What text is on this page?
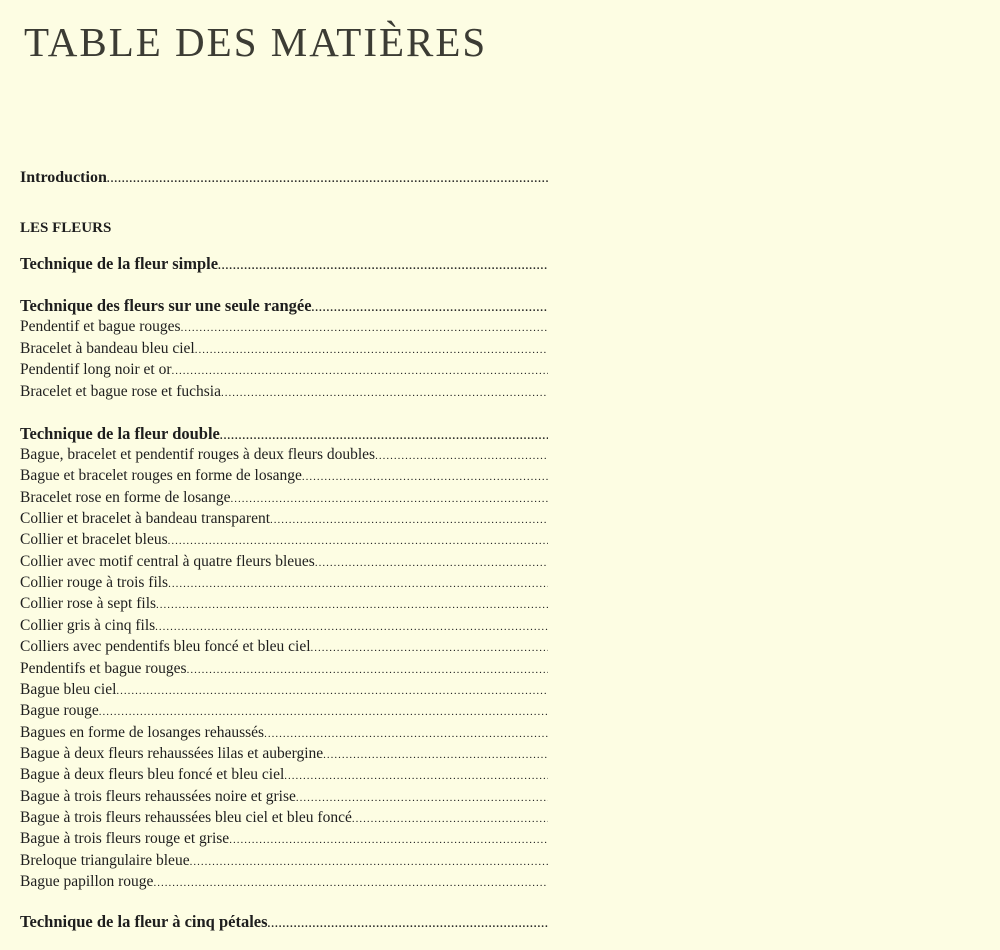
TABLE DES MATIÈRES
Introduction
.....
LES FLEURS
Technique de la fleur simple
.....
Technique des fleurs sur une seule rangée
.....
Pendentif et bague rouges
.....
Bracelet à bandeau bleu ciel
.....
Pendentif long noir et or
.....
Bracelet et bague rose et fuchsia
.....
Technique de la fleur double
.....
Bague, bracelet et pendentif rouges à deux fleurs doubles
.....
Bague et bracelet rouges en forme de losange
.....
Bracelet rose en forme de losange
.....
Collier et bracelet à bandeau transparent
.....
Collier et bracelet bleus
.....
Collier avec motif central à quatre fleurs bleues
.....
Collier rouge à trois fils
.....
Collier rose à sept fils
.....
Collier gris à cinq fils
.....
Colliers avec pendentifs bleu foncé et bleu ciel
.....
Pendentifs et bague rouges
.....
Bague bleu ciel
.....
Bague rouge
.....
Bagues en forme de losanges rehaussés
.....
Bague à deux fleurs rehaussées lilas et aubergine
.....
Bague à deux fleurs bleu foncé et bleu ciel
.....
Bague à trois fleurs rehaussées noire et grise
.....
Bague à trois fleurs rehaussées bleu ciel et bleu foncé
.....
Bague à trois fleurs rouge et grise
.....
Breloque triangulaire bleue
.....
Bague papillon rouge
.....
Technique de la fleur à cinq pétales
.....
